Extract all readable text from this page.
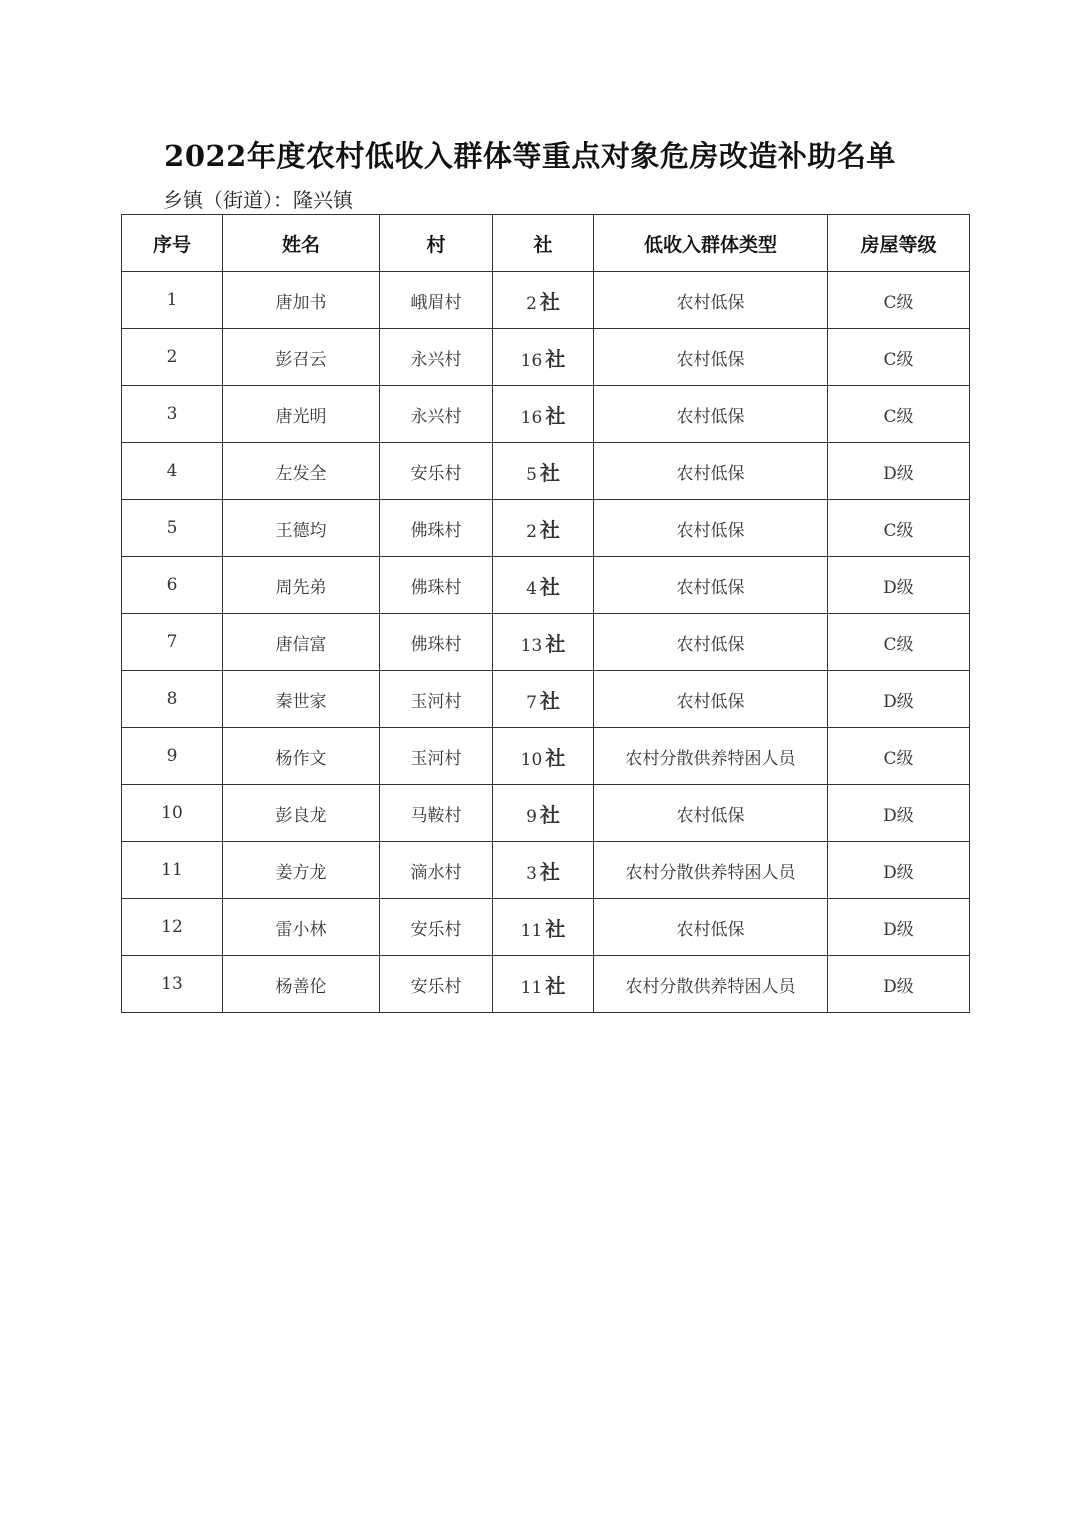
2022年度农村低收入群体等重点对象危房改造补助名单
乡镇（街道）：隆兴镇
序号	姓名	村	社	低收入群体类型	房屋等级
1	唐加书	峨眉村	2 社	农村低保	C级
2	彭召云	永兴村	16 社	农村低保	C级
3	唐光明	永兴村	16 社	农村低保	C级
4	左发全	安乐村	5 社	农村低保	D级
5	王德均	佛珠村	2 社	农村低保	C级
6	周先弟	佛珠村	4 社	农村低保	D级
7	唐信富	佛珠村	13 社	农村低保	C级
8	秦世家	玉河村	7 社	农村低保	D级
9	杨作文	玉河村	10 社	农村分散供养特困人员	C级
10	彭良龙	马鞍村	9 社	农村低保	D级
11	姜方龙	滴水村	3 社	农村分散供养特困人员	D级
12	雷小林	安乐村	11 社	农村低保	D级
13	杨善伦	安乐村	11 社	农村分散供养特困人员	D级
